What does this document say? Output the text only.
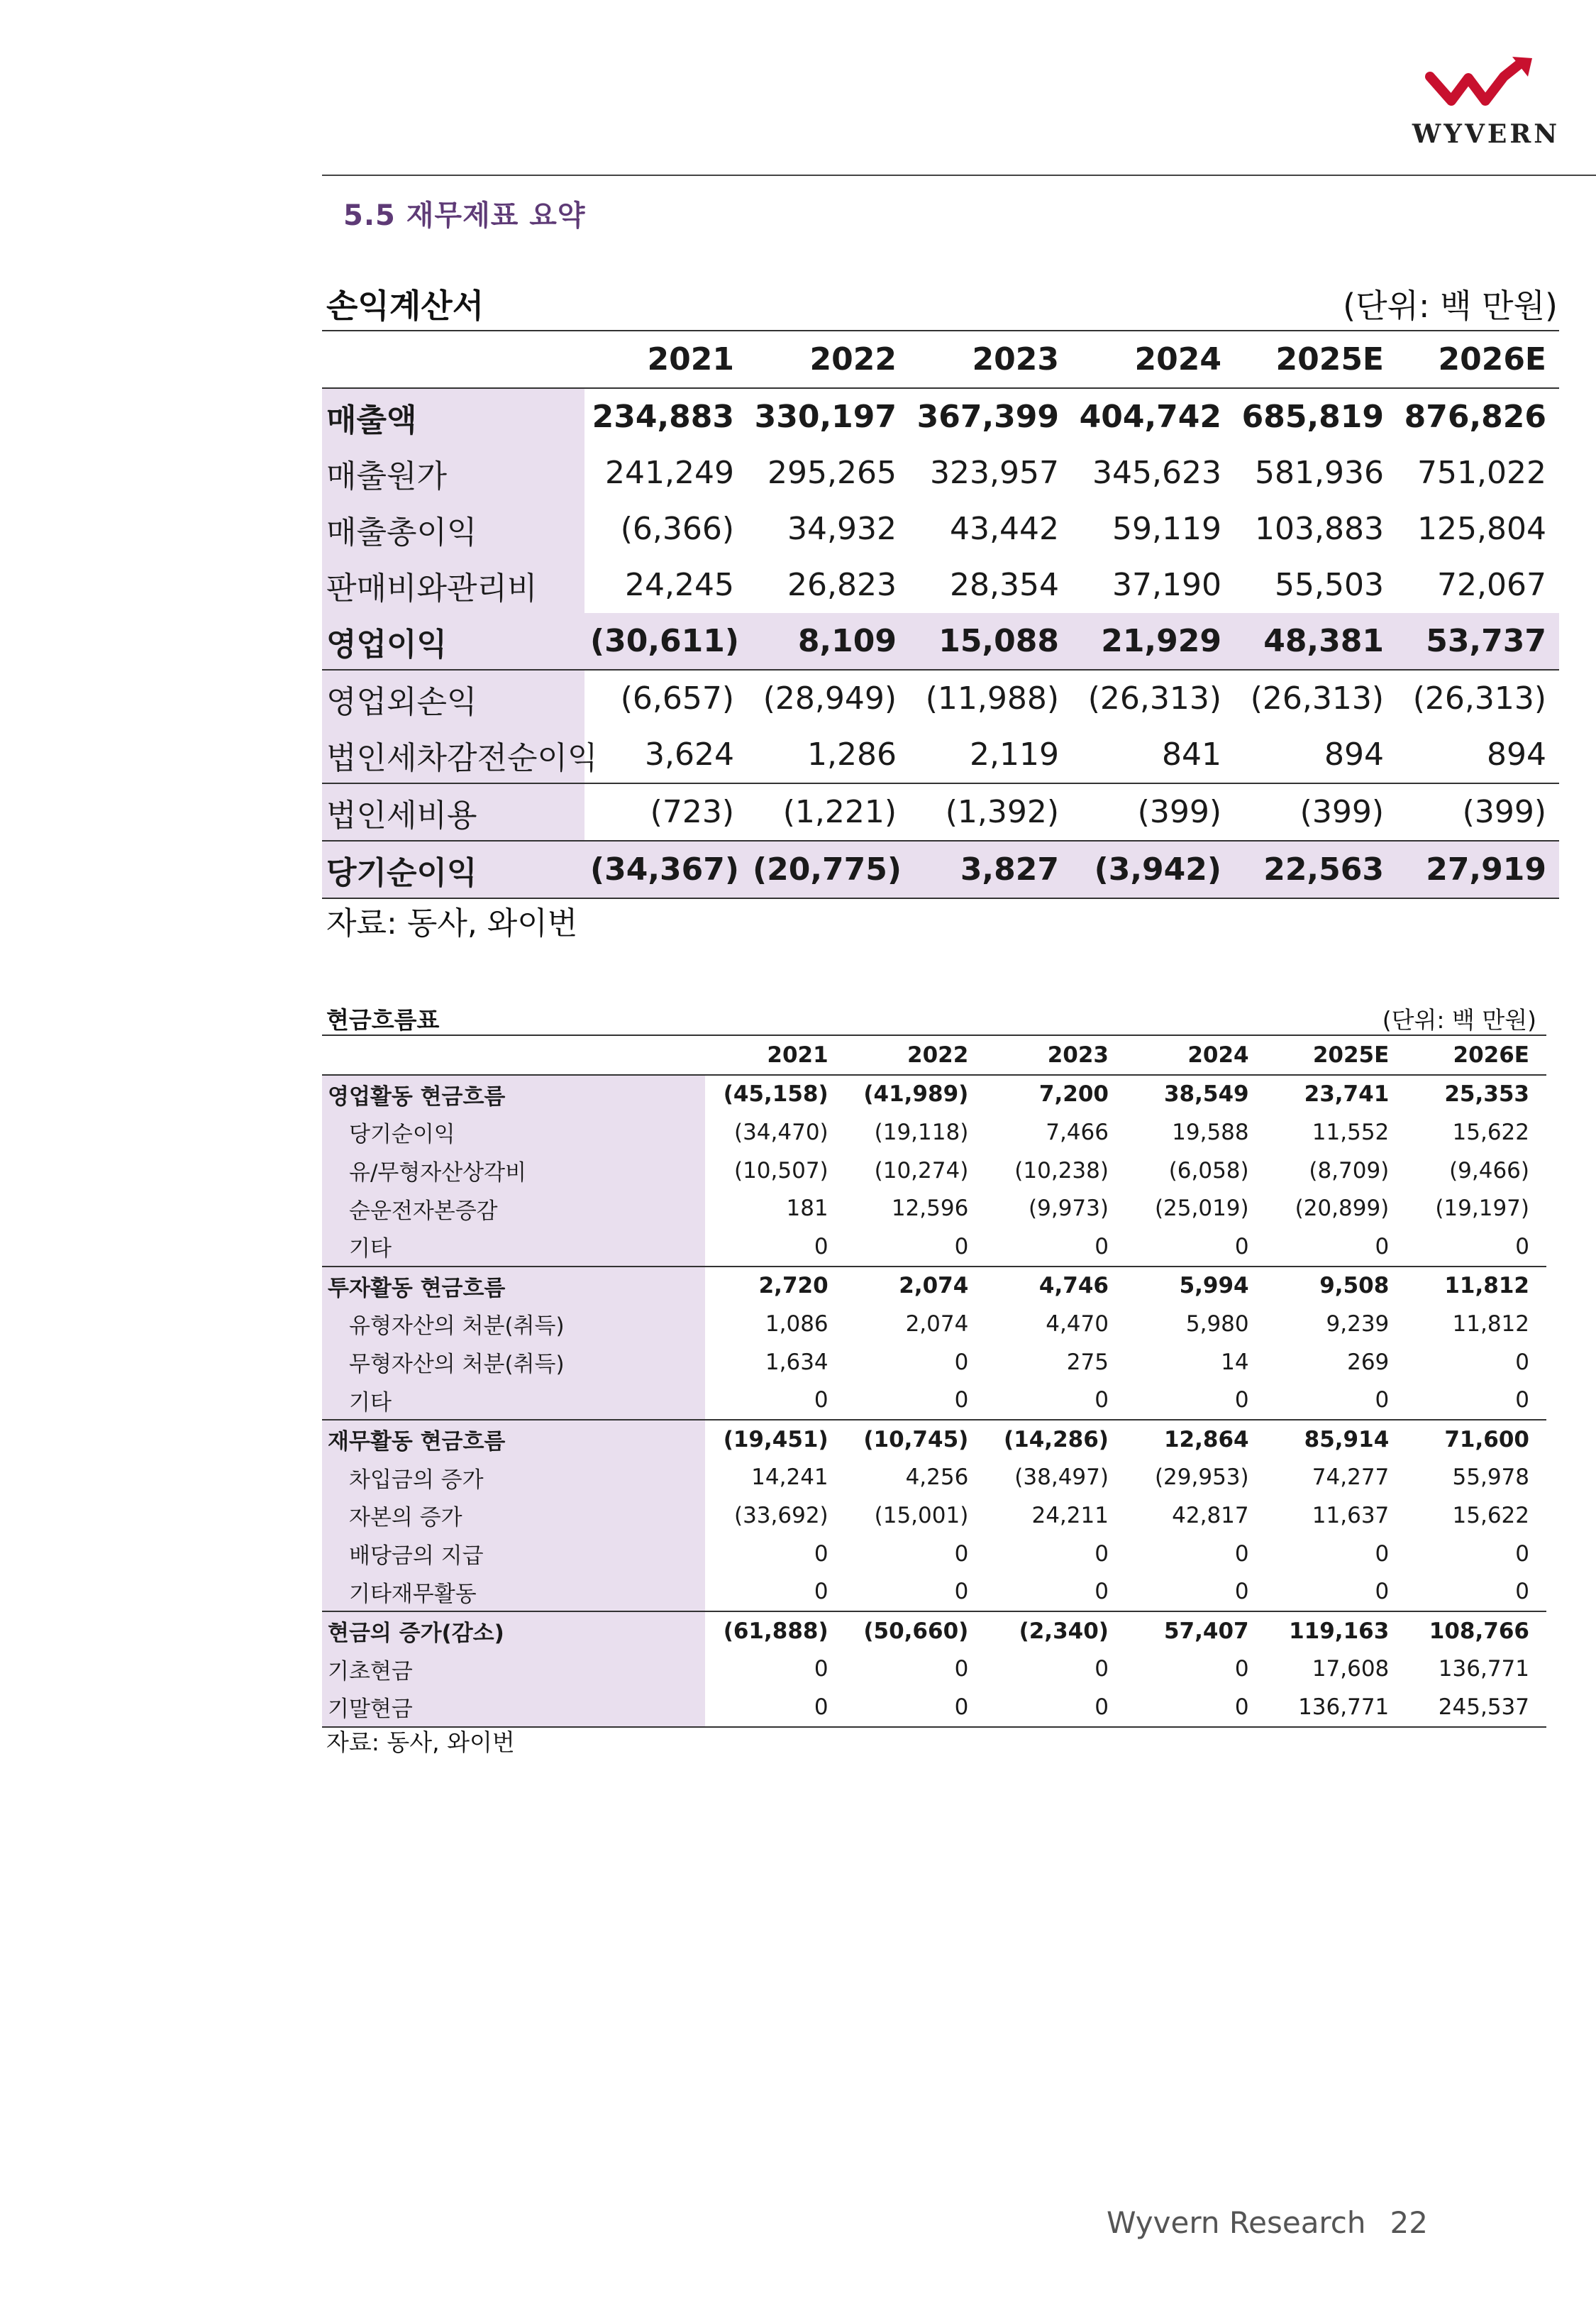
WYVERN
5.5 재무제표 요약
손익계산서	(단위: 백 만원)
	2021	2022	2023	2024	2025E	2026E
매출액	234,883	330,197	367,399	404,742	685,819	876,826
매출원가	241,249	295,265	323,957	345,623	581,936	751,022
매출총이익	(6,366)	34,932	43,442	59,119	103,883	125,804
판매비와관리비	24,245	26,823	28,354	37,190	55,503	72,067
영업이익	(30,611)	8,109	15,088	21,929	48,381	53,737
영업외손익	(6,657)	(28,949)	(11,988)	(26,313)	(26,313)	(26,313)
법인세차감전순이익	3,624	1,286	2,119	841	894	894
법인세비용	(723)	(1,221)	(1,392)	(399)	(399)	(399)
당기순이익	(34,367)	(20,775)	3,827	(3,942)	22,563	27,919
자료: 동사, 와이번
현금흐름표	(단위: 백 만원)
	2021	2022	2023	2024	2025E	2026E
영업활동 현금흐름	(45,158)	(41,989)	7,200	38,549	23,741	25,353
당기순이익	(34,470)	(19,118)	7,466	19,588	11,552	15,622
유/무형자산상각비	(10,507)	(10,274)	(10,238)	(6,058)	(8,709)	(9,466)
순운전자본증감	181	12,596	(9,973)	(25,019)	(20,899)	(19,197)
기타	0	0	0	0	0	0
투자활동 현금흐름	2,720	2,074	4,746	5,994	9,508	11,812
유형자산의 처분(취득)	1,086	2,074	4,470	5,980	9,239	11,812
무형자산의 처분(취득)	1,634	0	275	14	269	0
기타	0	0	0	0	0	0
재무활동 현금흐름	(19,451)	(10,745)	(14,286)	12,864	85,914	71,600
차입금의 증가	14,241	4,256	(38,497)	(29,953)	74,277	55,978
자본의 증가	(33,692)	(15,001)	24,211	42,817	11,637	15,622
배당금의 지급	0	0	0	0	0	0
기타재무활동	0	0	0	0	0	0
현금의 증가(감소)	(61,888)	(50,660)	(2,340)	57,407	119,163	108,766
기초현금	0	0	0	0	17,608	136,771
기말현금	0	0	0	0	136,771	245,537
자료: 동사, 와이번
Wyvern Research 22
